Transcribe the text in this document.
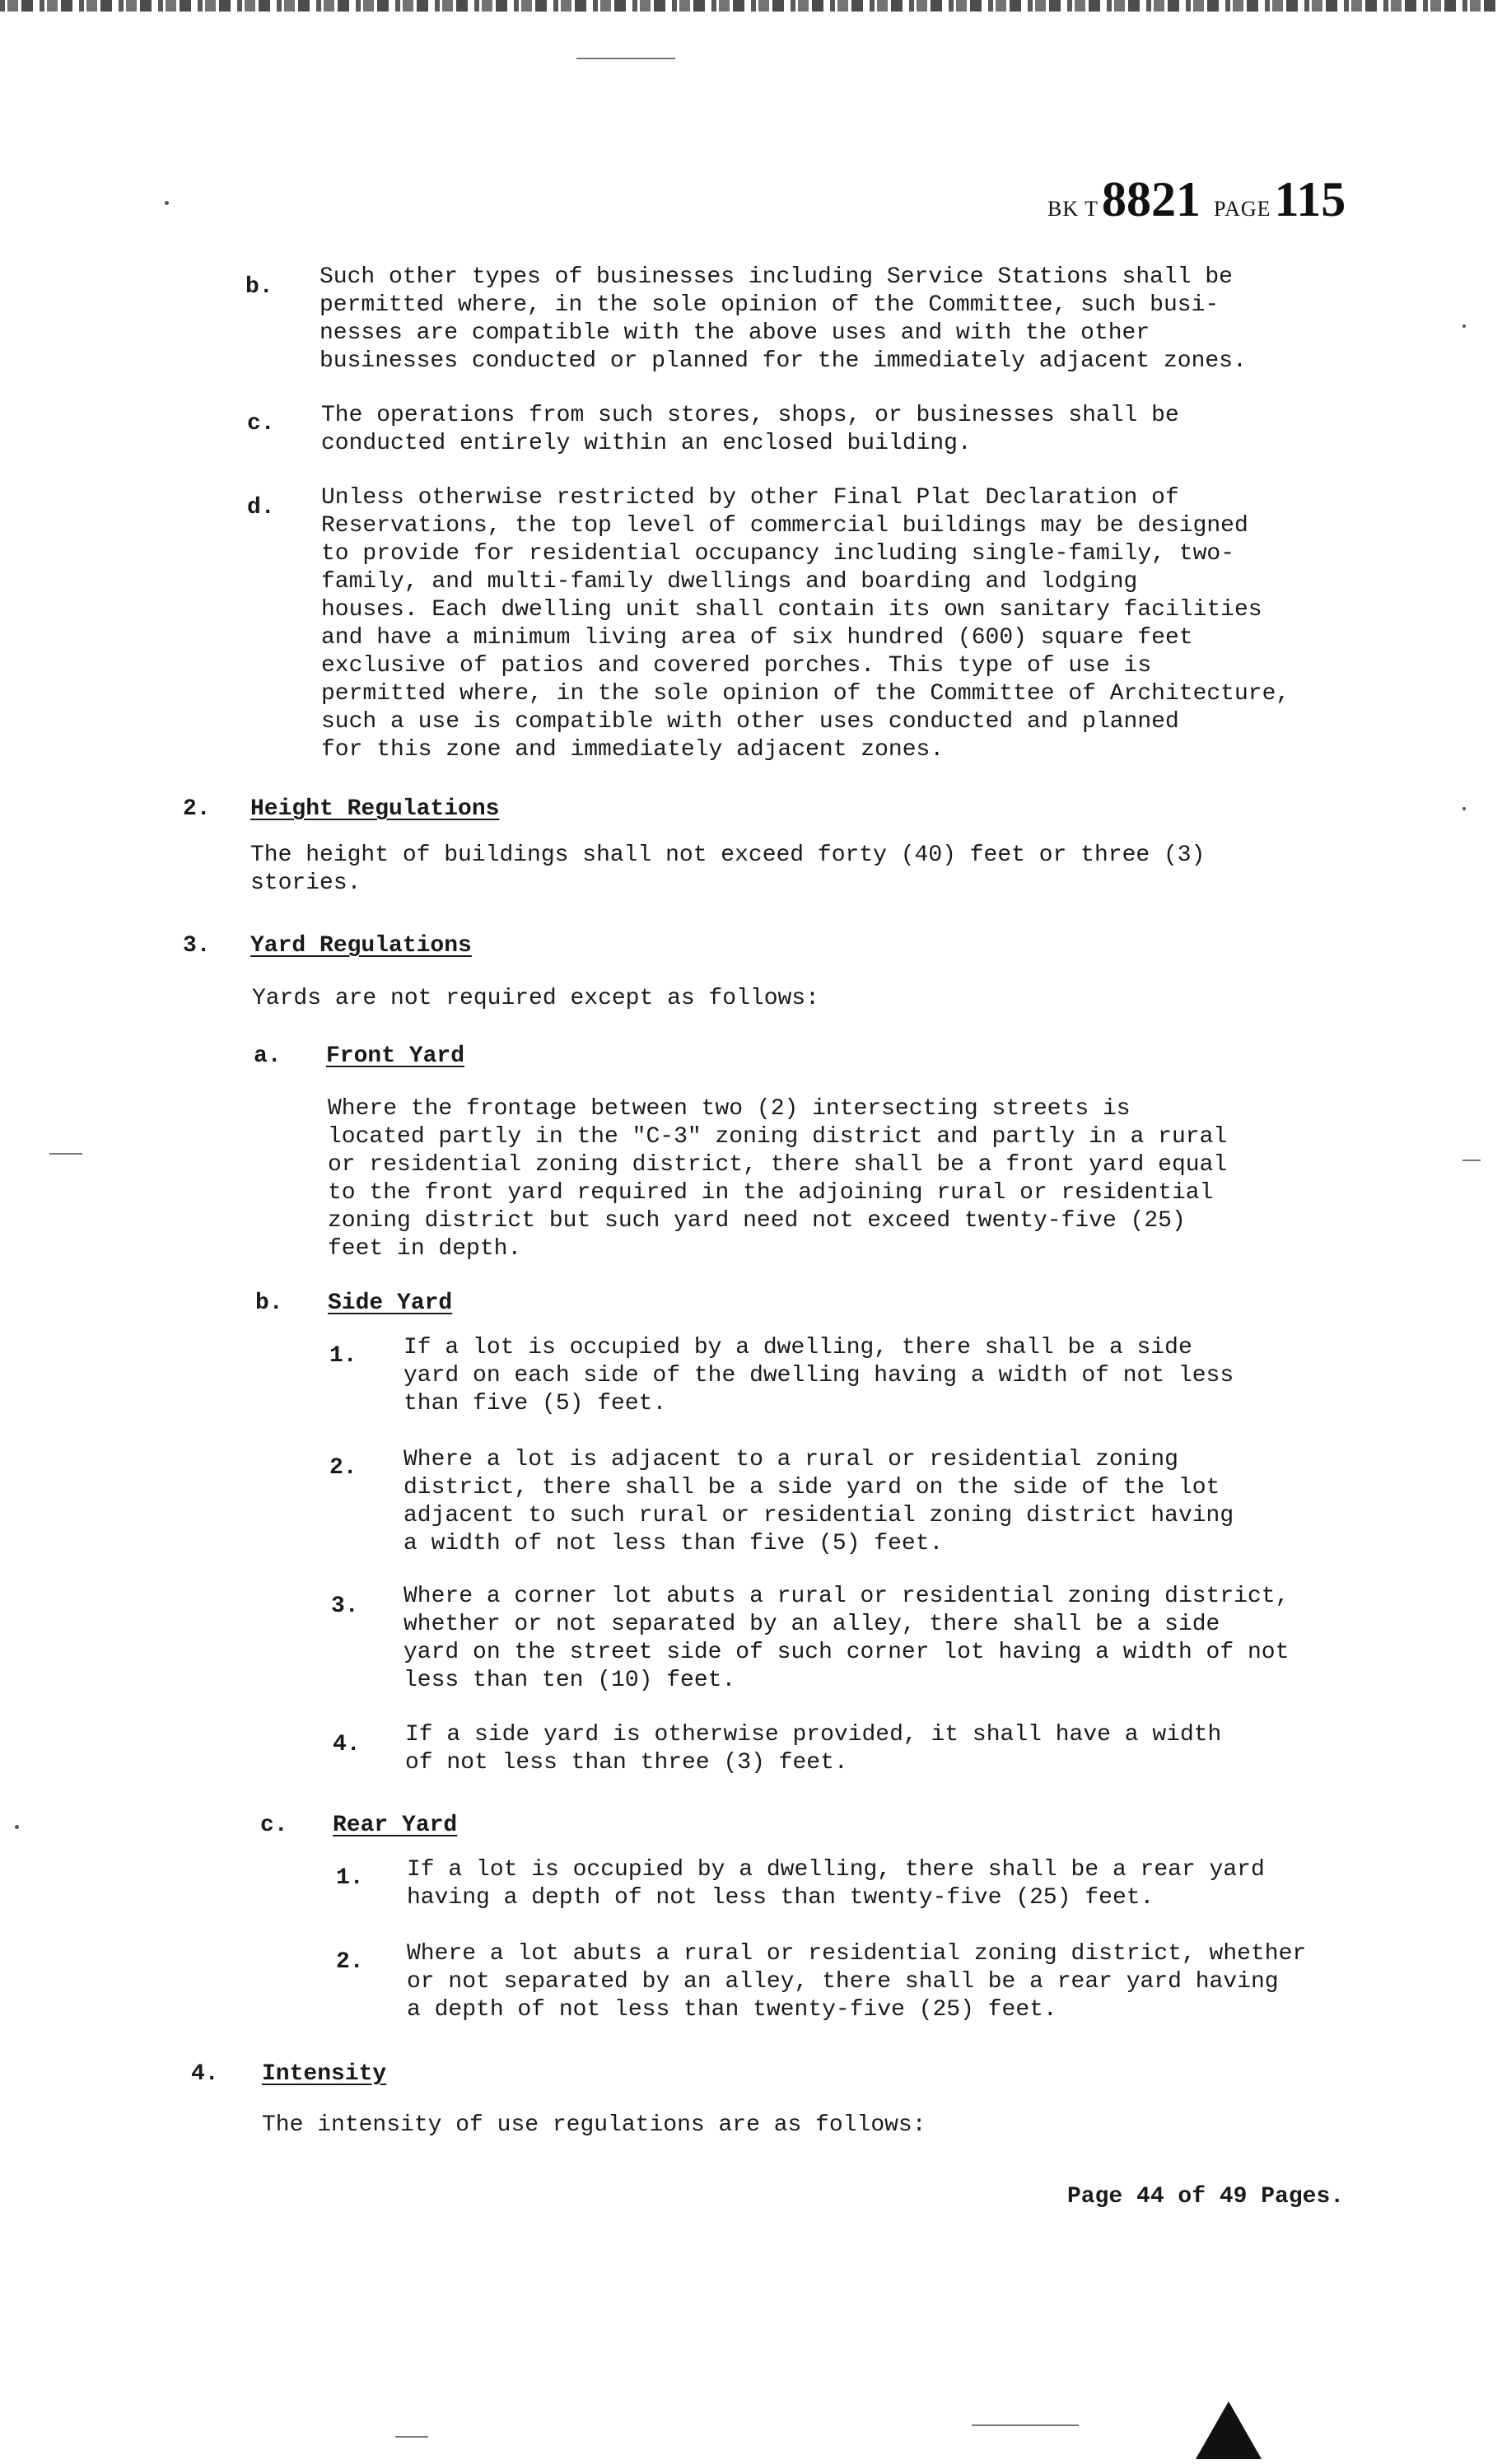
BK T 8821 PAGE 115
b. Such other types of businesses including Service Stations shall be
permitted where, in the sole opinion of the Committee, such busi-
nesses are compatible with the above uses and with the other
businesses conducted or planned for the immediately adjacent zones.
c. The operations from such stores, shops, or businesses shall be
conducted entirely within an enclosed building.
d. Unless otherwise restricted by other Final Plat Declaration of
Reservations, the top level of commercial buildings may be designed
to provide for residential occupancy including single-family, two-
family, and multi-family dwellings and boarding and lodging
houses. Each dwelling unit shall contain its own sanitary facilities
and have a minimum living area of six hundred (600) square feet
exclusive of patios and covered porches. This type of use is
permitted where, in the sole opinion of the Committee of Architecture,
such a use is compatible with other uses conducted and planned
for this zone and immediately adjacent zones.
2. Height Regulations
The height of buildings shall not exceed forty (40) feet or three (3)
stories.
3. Yard Regulations
Yards are not required except as follows:
a. Front Yard
Where the frontage between two (2) intersecting streets is
located partly in the "C-3" zoning district and partly in a rural
or residential zoning district, there shall be a front yard equal
to the front yard required in the adjoining rural or residential
zoning district but such yard need not exceed twenty-five (25)
feet in depth.
b. Side Yard
1. If a lot is occupied by a dwelling, there shall be a side
yard on each side of the dwelling having a width of not less
than five (5) feet.
2. Where a lot is adjacent to a rural or residential zoning
district, there shall be a side yard on the side of the lot
adjacent to such rural or residential zoning district having
a width of not less than five (5) feet.
3. Where a corner lot abuts a rural or residential zoning district,
whether or not separated by an alley, there shall be a side
yard on the street side of such corner lot having a width of not
less than ten (10) feet.
4. If a side yard is otherwise provided, it shall have a width
of not less than three (3) feet.
c. Rear Yard
1. If a lot is occupied by a dwelling, there shall be a rear yard
having a depth of not less than twenty-five (25) feet.
2. Where a lot abuts a rural or residential zoning district, whether
or not separated by an alley, there shall be a rear yard having
a depth of not less than twenty-five (25) feet.
4. Intensity
The intensity of use regulations are as follows:
Page 44 of 49 Pages.
